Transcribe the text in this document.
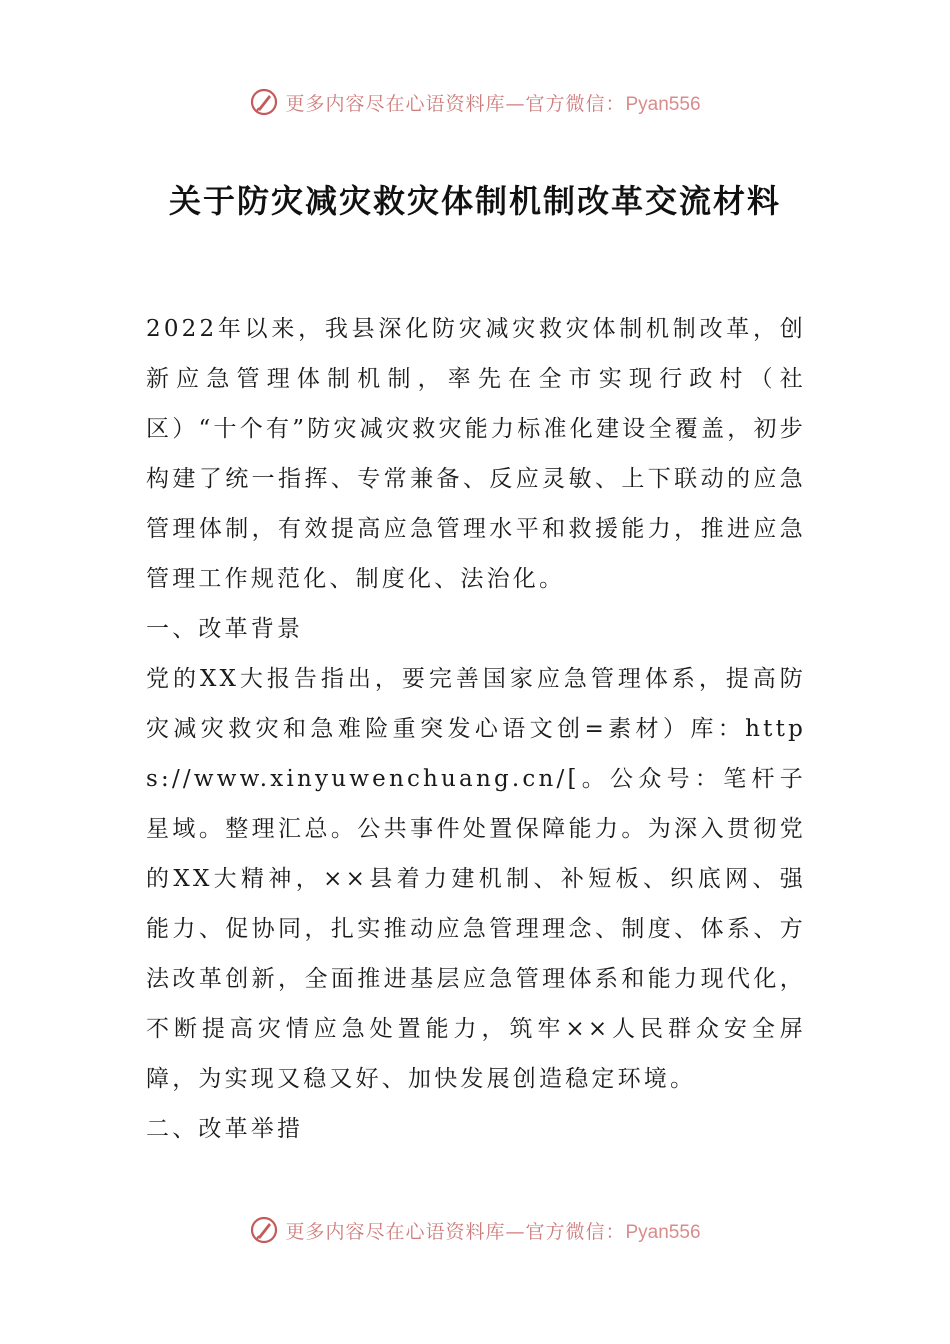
更多内容尽在心语资料库—官方微信：Pyan556
关于防灾减灾救灾体制机制改革交流材料

2022年以来，我县深化防灾减灾救灾体制机制改革，创新应急管理体制机制，率先在全市实现行政村（社区）“十个有”防灾减灾救灾能力标准化建设全覆盖，初步构建了统一指挥、专常兼备、反应灵敏、上下联动的应急管理体制，有效提高应急管理水平和救援能力，推进应急管理工作规范化、制度化、法治化。

一、改革背景

党的XX大报告指出，要完善国家应急管理体系，提高防灾减灾救灾和急难险重突发心语文创=素材）库：https://www.xinyuwenchuang.cn/[。公众号：笔杆子星域。整理汇总。公共事件处置保障能力。为深入贯彻党的XX大精神，××县着力建机制、补短板、织底网、强能力、促协同，扎实推动应急管理理念、制度、体系、方法改革创新，全面推进基层应急管理体系和能力现代化，不断提高灾情应急处置能力，筑牢××人民群众安全屏障，为实现又稳又好、加快发展创造稳定环境。

二、改革举措

更多内容尽在心语资料库—官方微信：Pyan556
